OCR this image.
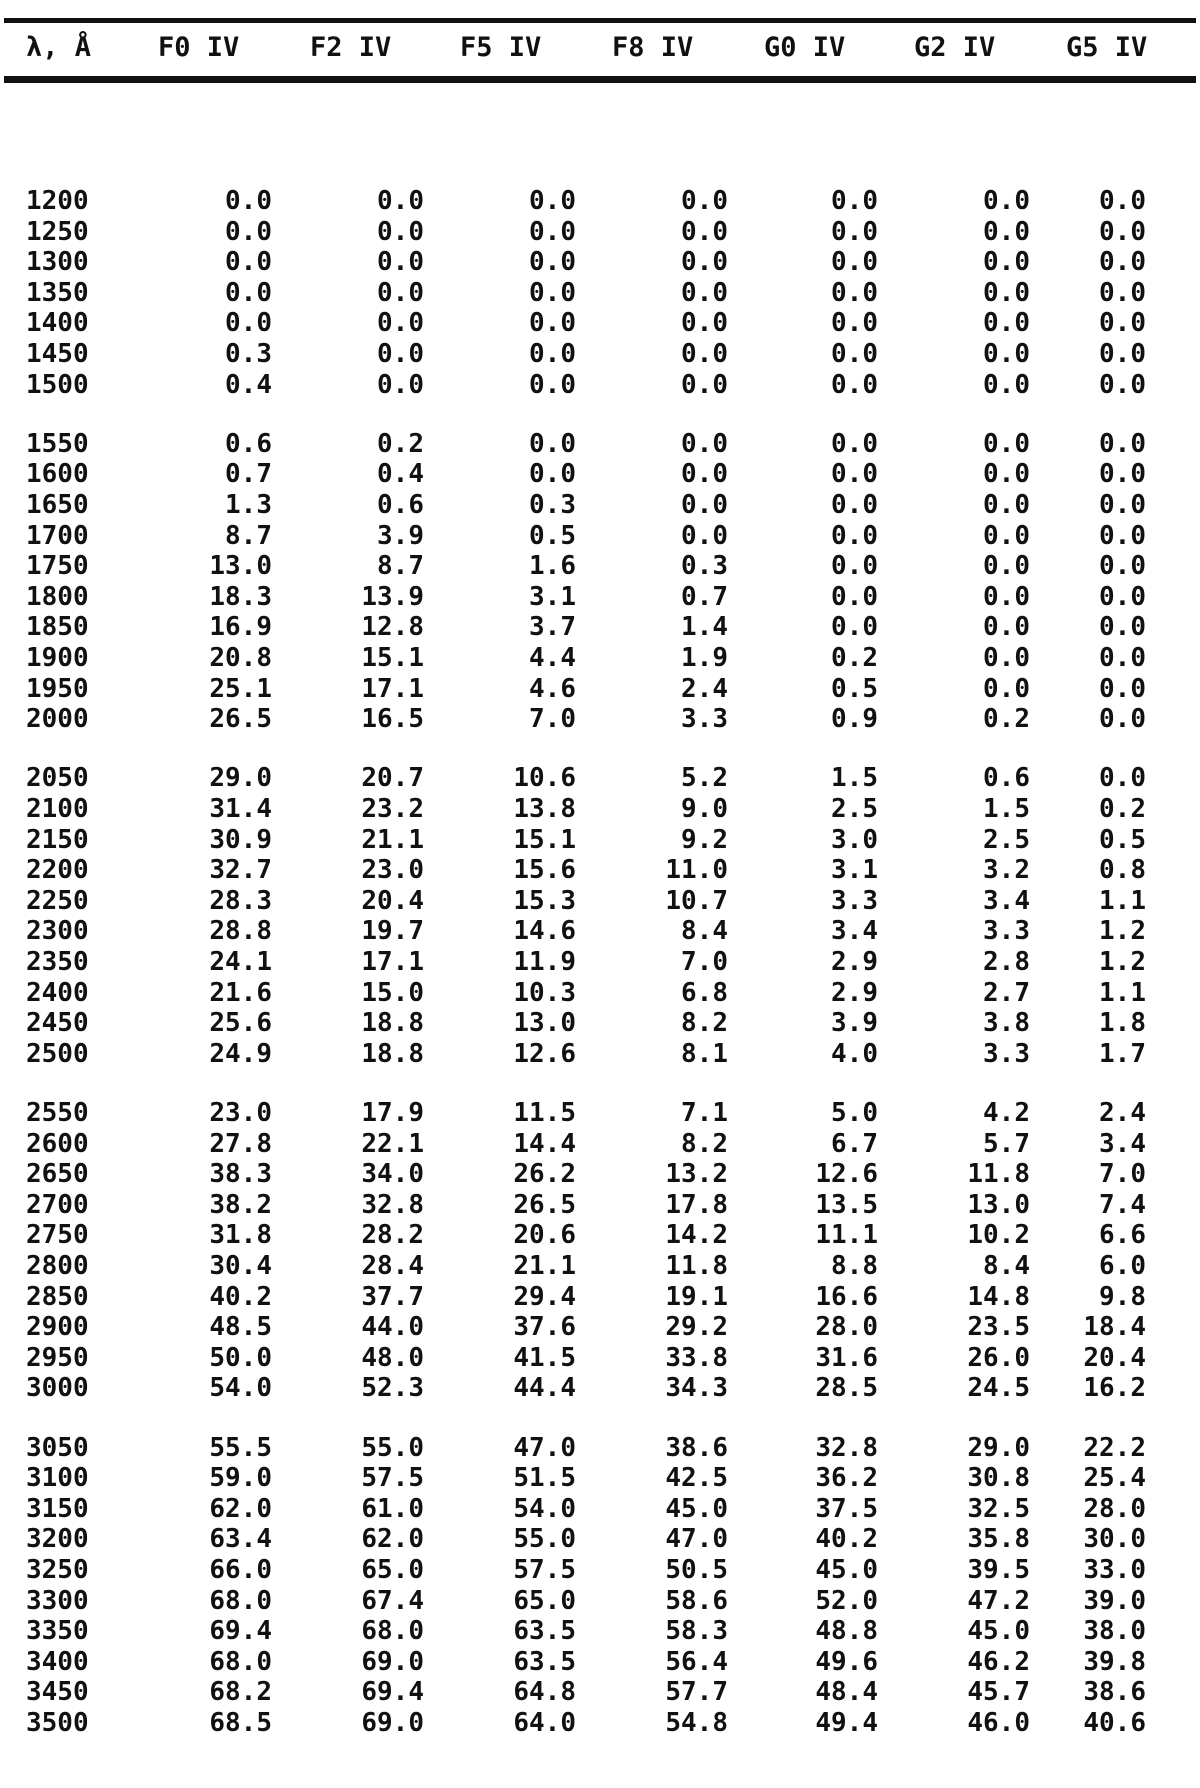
λ, Å F0 IV	F2 IV	F5 IV	F8 IV	G0 IV	G2 IV	G5 IV
1200	0.0	0.0	0.0	0.0	0.0	0.0	0.0
1250	0.0	0.0	0.0	0.0	0.0	0.0	0.0
1300	0.0	0.0	0.0	0.0	0.0	0.0	0.0
1350	0.0	0.0	0.0	0.0	0.0	0.0	0.0
1400	0.0	0.0	0.0	0.0	0.0	0.0	0.0
1450	0.3	0.0	0.0	0.0	0.0	0.0	0.0
1500	0.4	0.0	0.0	0.0	0.0	0.0	0.0
1550	0.6	0.2	0.0	0.0	0.0	0.0	0.0
1600	0.7	0.4	0.0	0.0	0.0	0.0	0.0
1650	1.3	0.6	0.3	0.0	0.0	0.0	0.0
1700	8.7	3.9	0.5	0.0	0.0	0.0	0.0
1750	13.0	8.7	1.6	0.3	0.0	0.0	0.0
1800	18.3	13.9	3.1	0.7	0.0	0.0	0.0
1850	16.9	12.8	3.7	1.4	0.0	0.0	0.0
1900	20.8	15.1	4.4	1.9	0.2	0.0	0.0
1950	25.1	17.1	4.6	2.4	0.5	0.0	0.0
2000	26.5	16.5	7.0	3.3	0.9	0.2	0.0
2050	29.0	20.7	10.6	5.2	1.5	0.6	0.0
2100	31.4	23.2	13.8	9.0	2.5	1.5	0.2
2150	30.9	21.1	15.1	9.2	3.0	2.5	0.5
2200	32.7	23.0	15.6	11.0	3.1	3.2	0.8
2250	28.3	20.4	15.3	10.7	3.3	3.4	1.1
2300	28.8	19.7	14.6	8.4	3.4	3.3	1.2
2350	24.1	17.1	11.9	7.0	2.9	2.8	1.2
2400	21.6	15.0	10.3	6.8	2.9	2.7	1.1
2450	25.6	18.8	13.0	8.2	3.9	3.8	1.8
2500	24.9	18.8	12.6	8.1	4.0	3.3	1.7
2550	23.0	17.9	11.5	7.1	5.0	4.2	2.4
2600	27.8	22.1	14.4	8.2	6.7	5.7	3.4
2650	38.3	34.0	26.2	13.2	12.6	11.8	7.0
2700	38.2	32.8	26.5	17.8	13.5	13.0	7.4
2750	31.8	28.2	20.6	14.2	11.1	10.2	6.6
2800	30.4	28.4	21.1	11.8	8.8	8.4	6.0
2850	40.2	37.7	29.4	19.1	16.6	14.8	9.8
2900	48.5	44.0	37.6	29.2	28.0	23.5	18.4
2950	50.0	48.0	41.5	33.8	31.6	26.0	20.4
3000	54.0	52.3	44.4	34.3	28.5	24.5	16.2
3050	55.5	55.0	47.0	38.6	32.8	29.0	22.2
3100	59.0	57.5	51.5	42.5	36.2	30.8	25.4
3150	62.0	61.0	54.0	45.0	37.5	32.5	28.0
3200	63.4	62.0	55.0	47.0	40.2	35.8	30.0
3250	66.0	65.0	57.5	50.5	45.0	39.5	33.0
3300	68.0	67.4	65.0	58.6	52.0	47.2	39.0
3350	69.4	68.0	63.5	58.3	48.8	45.0	38.0
3400	68.0	69.0	63.5	56.4	49.6	46.2	39.8
3450	68.2	69.4	64.8	57.7	48.4	45.7	38.6
3500	68.5	69.0	64.0	54.8	49.4	46.0	40.6
